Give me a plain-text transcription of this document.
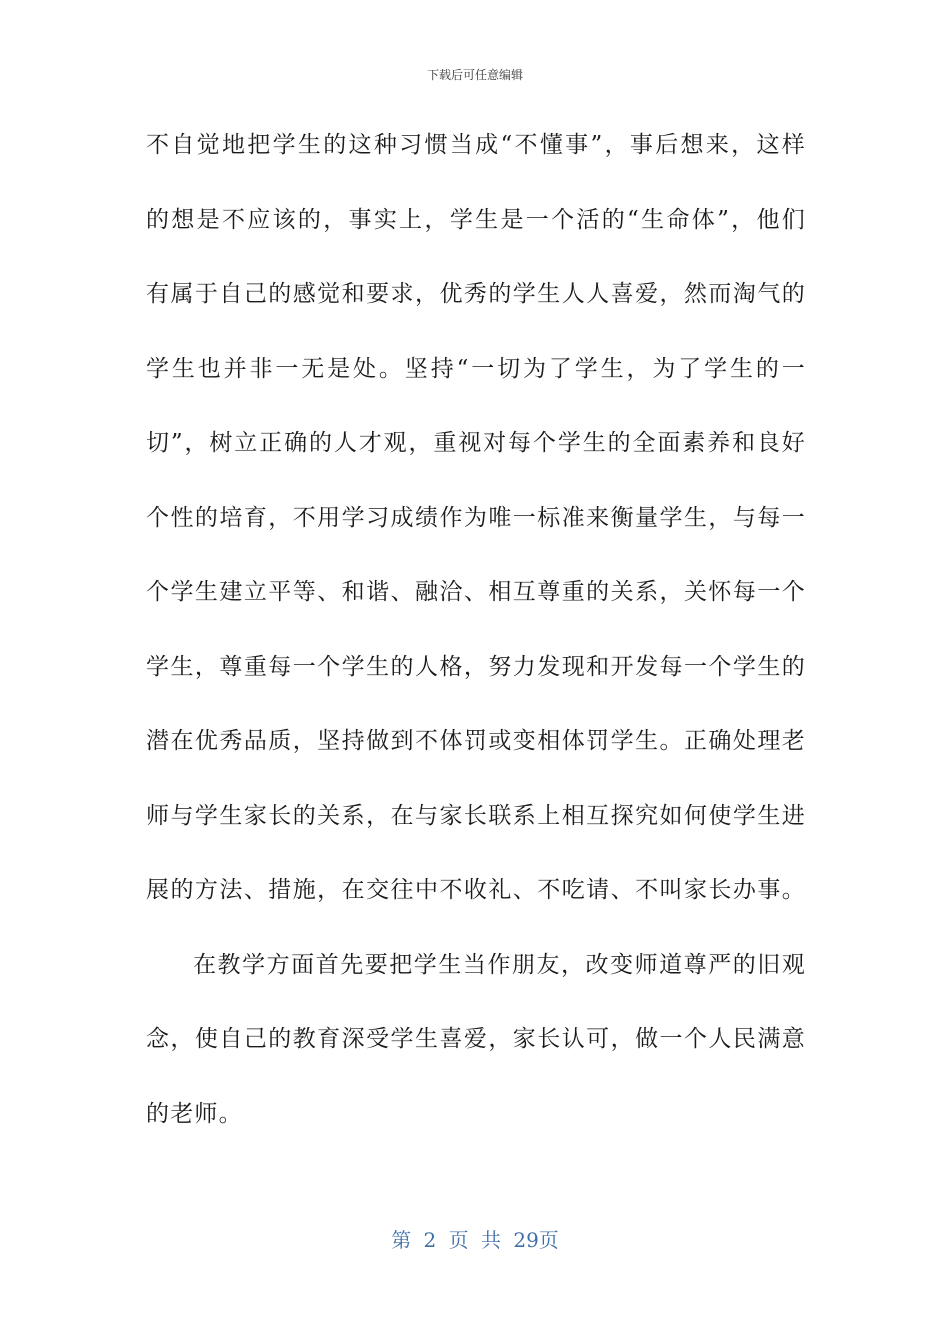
下载后可任意编辑
不自觉地把学生的这种习惯当成“不懂事”，事后想来，这样
的想是不应该的，事实上，学生是一个活的“生命体”，他们
有属于自己的感觉和要求，优秀的学生人人喜爱，然而淘气的
学生也并非一无是处。坚持“一切为了学生，为了学生的一
切”，树立正确的人才观，重视对每个学生的全面素养和良好
个性的培育，不用学习成绩作为唯一标准来衡量学生，与每一
个学生建立平等、和谐、融洽、相互尊重的关系，关怀每一个
学生，尊重每一个学生的人格，努力发现和开发每一个学生的
潜在优秀品质，坚持做到不体罚或变相体罚学生。正确处理老
师与学生家长的关系，在与家长联系上相互探究如何使学生进
展的方法、措施，在交往中不收礼、不吃请、不叫家长办事。
在教学方面首先要把学生当作朋友，改变师道尊严的旧观
念，使自己的教育深受学生喜爱，家长认可，做一个人民满意
的老师。
第 2 页 共 29页
